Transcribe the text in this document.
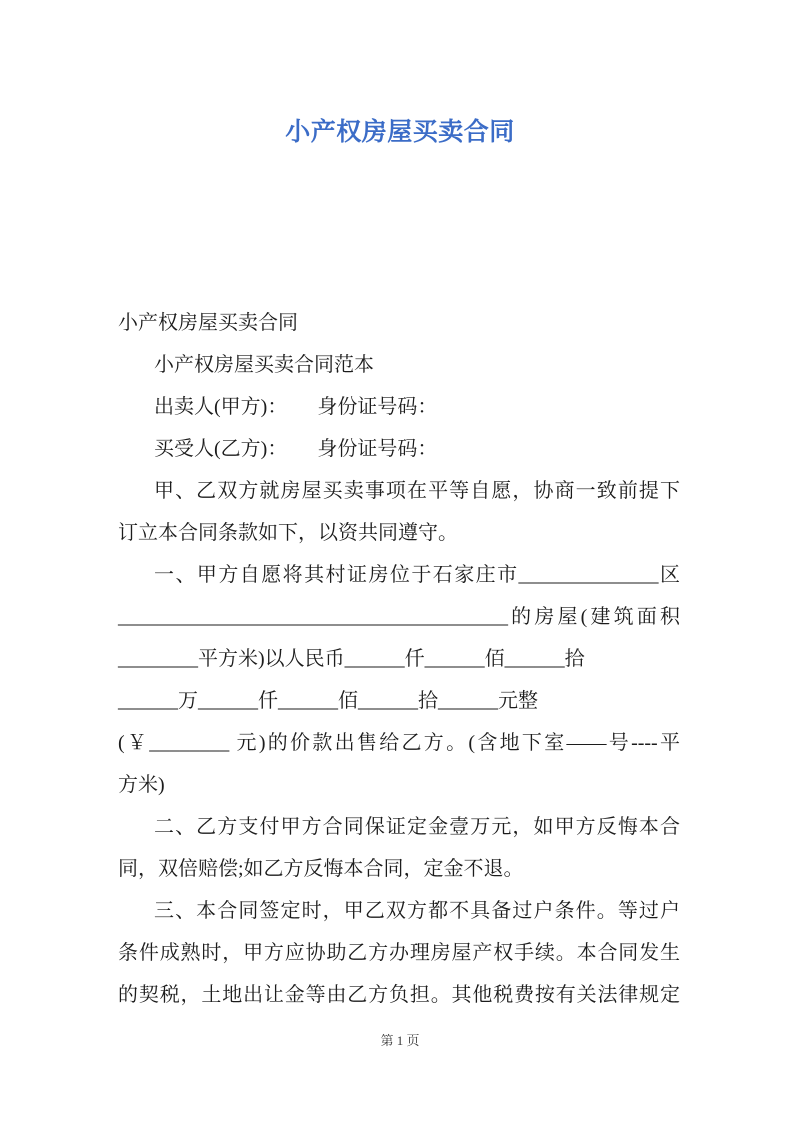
小产权房屋买卖合同
小产权房屋买卖合同
小产权房屋买卖合同范本
出卖人(甲方)：　　身份证号码：
买受人(乙方)：　　身份证号码：
甲、乙双方就房屋买卖事项在平等自愿，协商一致前提下
订立本合同条款如下，以资共同遵守。
一、甲方自愿将其村证房位于石家庄市______________区
_______________________________________的房屋(建筑面积
________平方米)以人民币______仟______佰______拾
______万______仟______佰______拾______元整
(￥________ 元)的价款出售给乙方。(含地下室——号----平
方米)
二、乙方支付甲方合同保证定金壹万元，如甲方反悔本合
同，双倍赔偿;如乙方反悔本合同，定金不退。
三、本合同签定时，甲乙双方都不具备过户条件。等过户
条件成熟时，甲方应协助乙方办理房屋产权手续。本合同发生
的契税，土地出让金等由乙方负担。其他税费按有关法律规定
第 1 页
